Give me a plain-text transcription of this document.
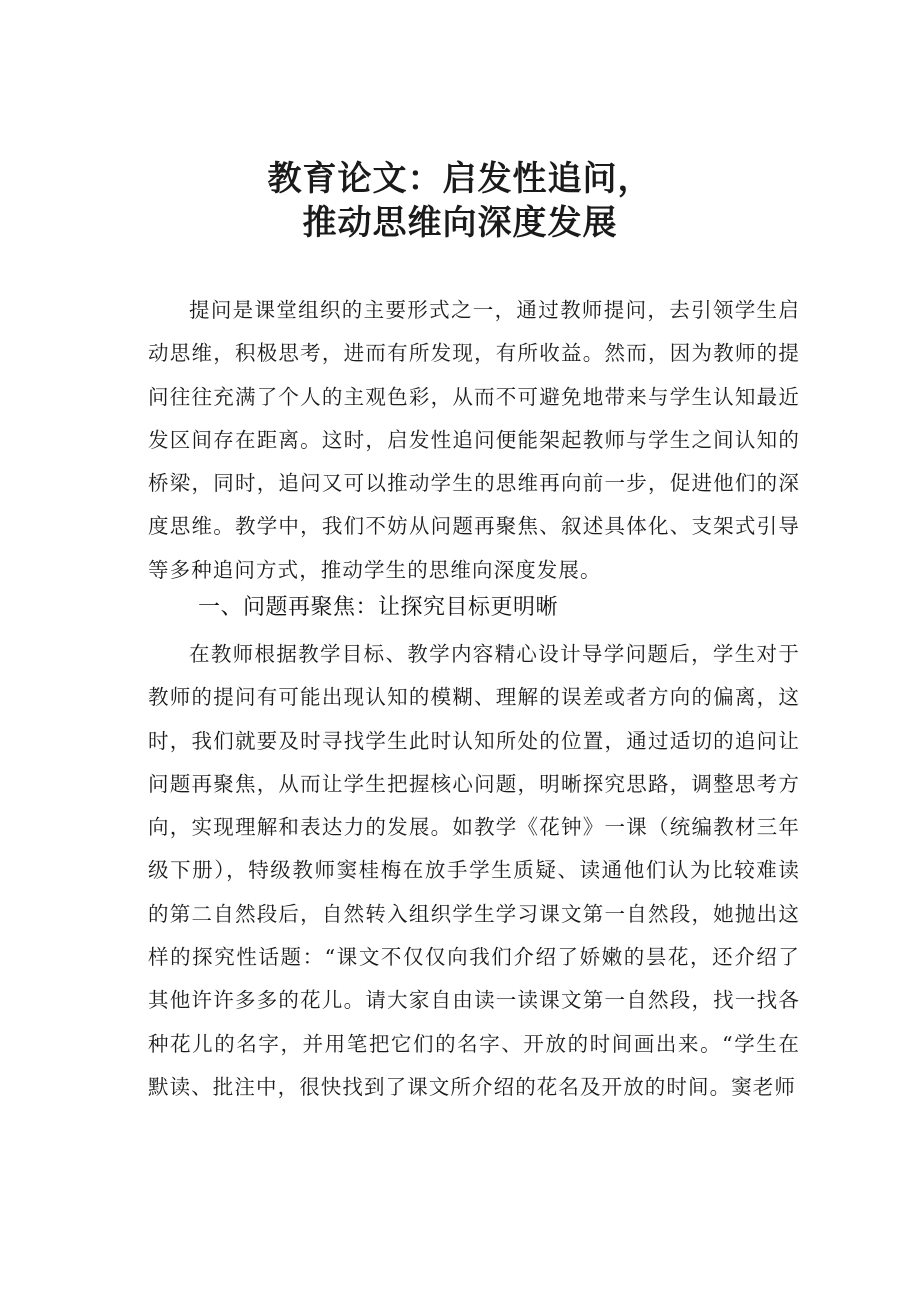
教育论文：启发性追问，
推动思维向深度发展

提问是课堂组织的主要形式之一，通过教师提问，去引领学生启动思维，积极思考，进而有所发现，有所收益。然而，因为教师的提问往往充满了个人的主观色彩，从而不可避免地带来与学生认知最近发区间存在距离。这时，启发性追问便能架起教师与学生之间认知的桥梁，同时，追问又可以推动学生的思维再向前一步，促进他们的深度思维。教学中，我们不妨从问题再聚焦、叙述具体化、支架式引导等多种追问方式，推动学生的思维向深度发展。

一、问题再聚焦：让探究目标更明晰

在教师根据教学目标、教学内容精心设计导学问题后，学生对于教师的提问有可能出现认知的模糊、理解的误差或者方向的偏离，这时，我们就要及时寻找学生此时认知所处的位置，通过适切的追问让问题再聚焦，从而让学生把握核心问题，明晰探究思路，调整思考方向，实现理解和表达力的发展。如教学《花钟》一课（统编教材三年级下册），特级教师窦桂梅在放手学生质疑、读通他们认为比较难读的第二自然段后，自然转入组织学生学习课文第一自然段，她抛出这样的探究性话题：“课文不仅仅向我们介绍了娇嫩的昙花，还介绍了其他许许多多的花儿。请大家自由读一读课文第一自然段，找一找各种花儿的名字，并用笔把它们的名字、开放的时间画出来。“学生在默读、批注中，很快找到了课文所介绍的花名及开放的时间。窦老师
